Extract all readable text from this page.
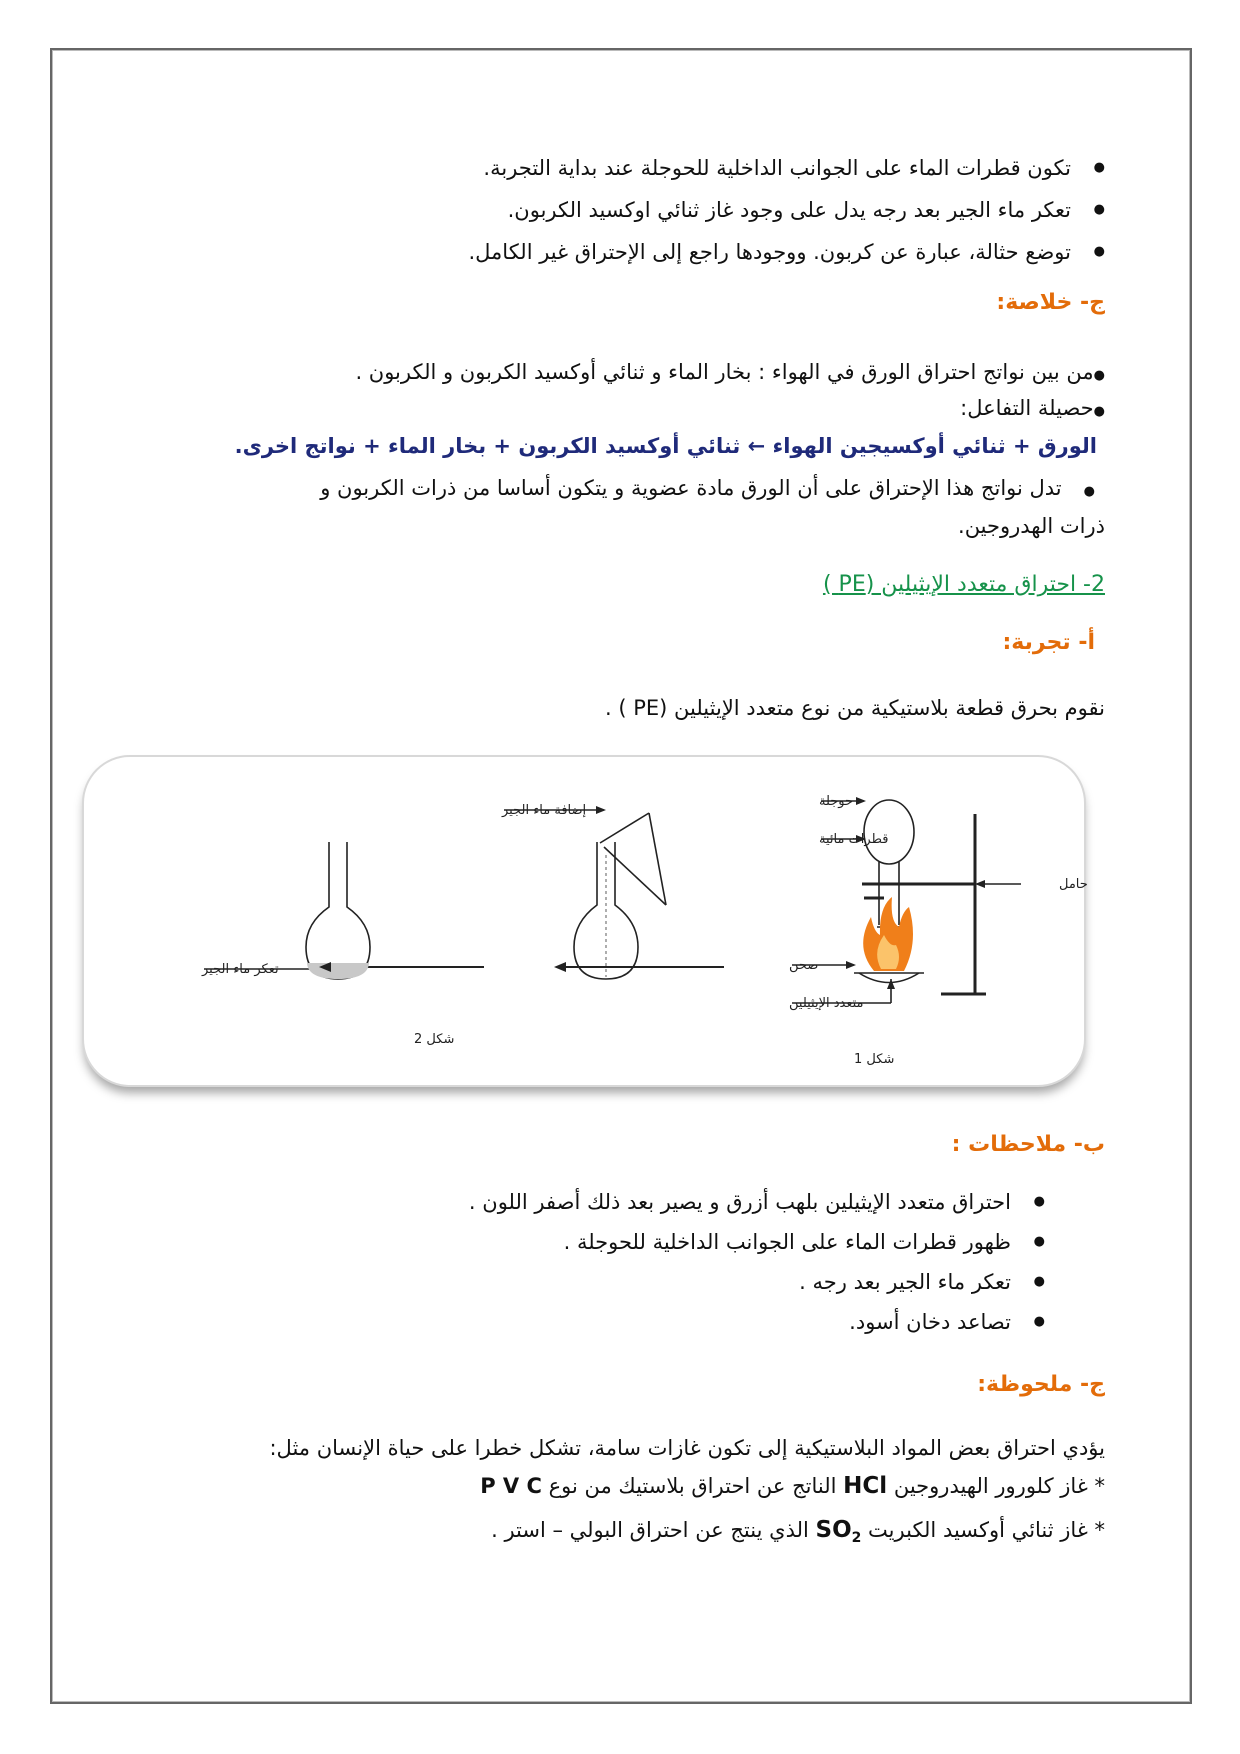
● تكون قطرات الماء على الجوانب الداخلية للحوجلة عند بداية التجربة.
● تعكر ماء الجير بعد رجه يدل على وجود غاز ثنائي اوكسيد الكربون.
● توضع حثالة، عبارة عن كربون. ووجودها راجع إلى الإحتراق غير الكامل.
ج- خلاصة:
●من بين نواتج احتراق الورق في الهواء : بخار الماء و ثنائي أوكسيد الكربون و الكربون .
●حصيلة التفاعل:
الورق + ثنائي أوكسيجين الهواء ← ثنائي أوكسيد الكربون + بخار الماء + نواتج اخرى.
●تدل نواتج هذا الإحتراق على أن الورق مادة عضوية و يتكون أساسا من ذرات الكربون و
ذرات الهدروجين.
2- احتراق متعدد الإيثيلين (PE )
أ- تجربة:
نقوم بحرق قطعة بلاستيكية من نوع متعدد الإيثيلين (PE ) .
حوجلة
قطرات مائية
حامل
صحن
متعدد الإيثيلين
إضافة ماء الجير
تعكر ماء الجير
شكل 2
شكل 1
ب- ملاحظات :
● احتراق متعدد الإيثيلين بلهب أزرق و يصير بعد ذلك أصفر اللون .
● ظهور قطرات الماء على الجوانب الداخلية للحوجلة .
● تعكر ماء الجير بعد رجه .
● تصاعد دخان أسود.
ج- ملحوظة:
يؤدي احتراق بعض المواد البلاستيكية إلى تكون غازات سامة، تشكل خطرا على حياة الإنسان مثل:
* غاز كلورور الهيدروجين HCl الناتج عن احتراق بلاستيك من نوع P V C
* غاز ثنائي أوكسيد الكبريت $SO_2$ الذي ينتج عن احتراق البولي – استر .
